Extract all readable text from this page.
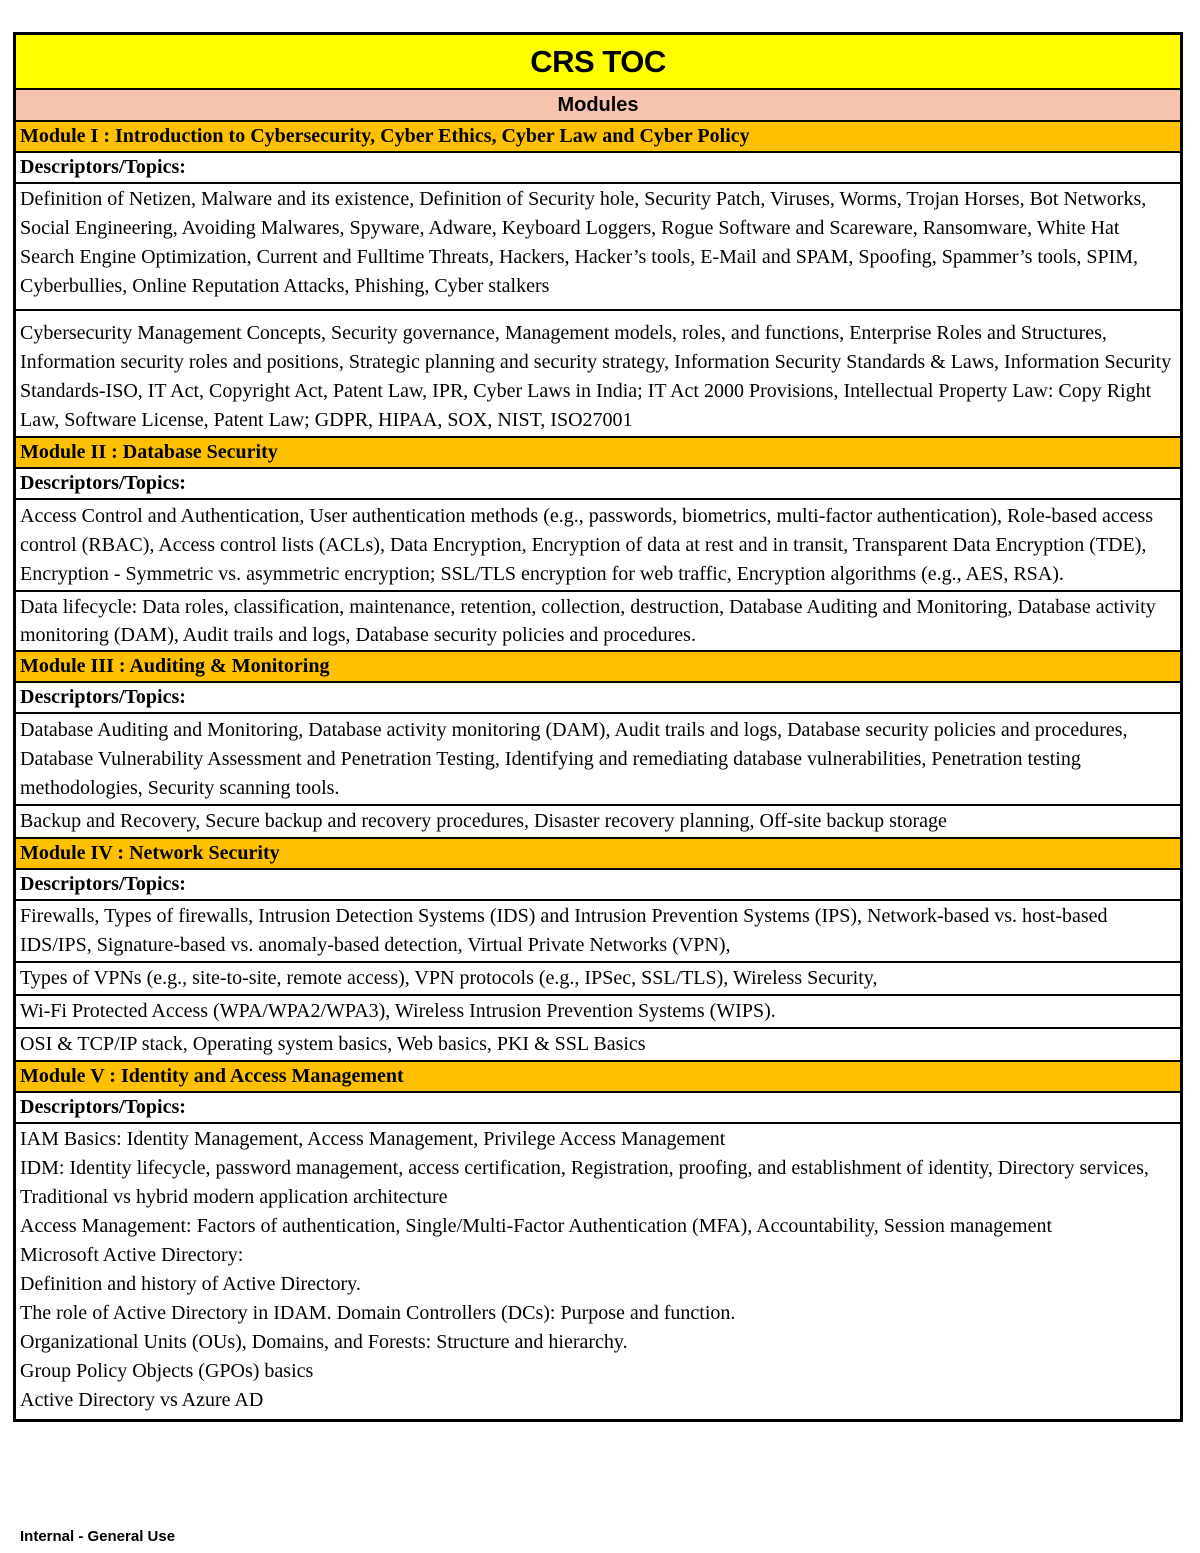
CRS TOC
Modules
Module I : Introduction to Cybersecurity, Cyber Ethics, Cyber Law and Cyber Policy
Descriptors/Topics:
Definition of Netizen, Malware and its existence, Definition of Security hole, Security Patch, Viruses, Worms, Trojan Horses, Bot Networks, Social Engineering, Avoiding Malwares, Spyware, Adware, Keyboard Loggers, Rogue Software and Scareware, Ransomware, White Hat Search Engine Optimization, Current and Fulltime Threats, Hackers, Hacker’s tools, E-Mail and SPAM, Spoofing, Spammer’s tools, SPIM, Cyberbullies, Online Reputation Attacks, Phishing, Cyber stalkers
Cybersecurity Management Concepts, Security governance, Management models, roles, and functions, Enterprise Roles and Structures, Information security roles and positions, Strategic planning and security strategy, Information Security Standards & Laws, Information Security Standards-ISO, IT Act, Copyright Act, Patent Law, IPR, Cyber Laws in India; IT Act 2000 Provisions, Intellectual Property Law: Copy Right Law, Software License, Patent Law; GDPR, HIPAA, SOX, NIST, ISO27001
Module II : Database Security
Descriptors/Topics:
Access Control and Authentication, User authentication methods (e.g., passwords, biometrics, multi-factor authentication), Role-based access control (RBAC), Access control lists (ACLs), Data Encryption, Encryption of data at rest and in transit, Transparent Data Encryption (TDE), Encryption - Symmetric vs. asymmetric encryption; SSL/TLS encryption for web traffic, Encryption algorithms (e.g., AES, RSA).
Data lifecycle: Data roles, classification, maintenance, retention, collection, destruction, Database Auditing and Monitoring, Database activity monitoring (DAM), Audit trails and logs, Database security policies and procedures.
Module III : Auditing & Monitoring
Descriptors/Topics:
Database Auditing and Monitoring, Database activity monitoring (DAM), Audit trails and logs, Database security policies and procedures, Database Vulnerability Assessment and Penetration Testing, Identifying and remediating database vulnerabilities, Penetration testing methodologies, Security scanning tools.
Backup and Recovery, Secure backup and recovery procedures, Disaster recovery planning, Off-site backup storage
Module IV : Network Security
Descriptors/Topics:
Firewalls, Types of firewalls, Intrusion Detection Systems (IDS) and Intrusion Prevention Systems (IPS), Network-based vs. host-based IDS/IPS, Signature-based vs. anomaly-based detection, Virtual Private Networks (VPN),
Types of VPNs (e.g., site-to-site, remote access), VPN protocols (e.g., IPSec, SSL/TLS), Wireless Security,
Wi-Fi Protected Access (WPA/WPA2/WPA3), Wireless Intrusion Prevention Systems (WIPS).
OSI & TCP/IP stack, Operating system basics, Web basics, PKI & SSL Basics
Module V : Identity and Access Management
Descriptors/Topics:
IAM Basics: Identity Management, Access Management, Privilege Access Management
IDM: Identity lifecycle, password management, access certification, Registration, proofing, and establishment of identity, Directory services, Traditional vs hybrid modern application architecture
Access Management: Factors of authentication, Single/Multi-Factor Authentication (MFA), Accountability, Session management
Microsoft Active Directory:
Definition and history of Active Directory.
The role of Active Directory in IDAM. Domain Controllers (DCs): Purpose and function.
Organizational Units (OUs), Domains, and Forests: Structure and hierarchy.
Group Policy Objects (GPOs) basics
Active Directory vs Azure AD
Internal - General Use
